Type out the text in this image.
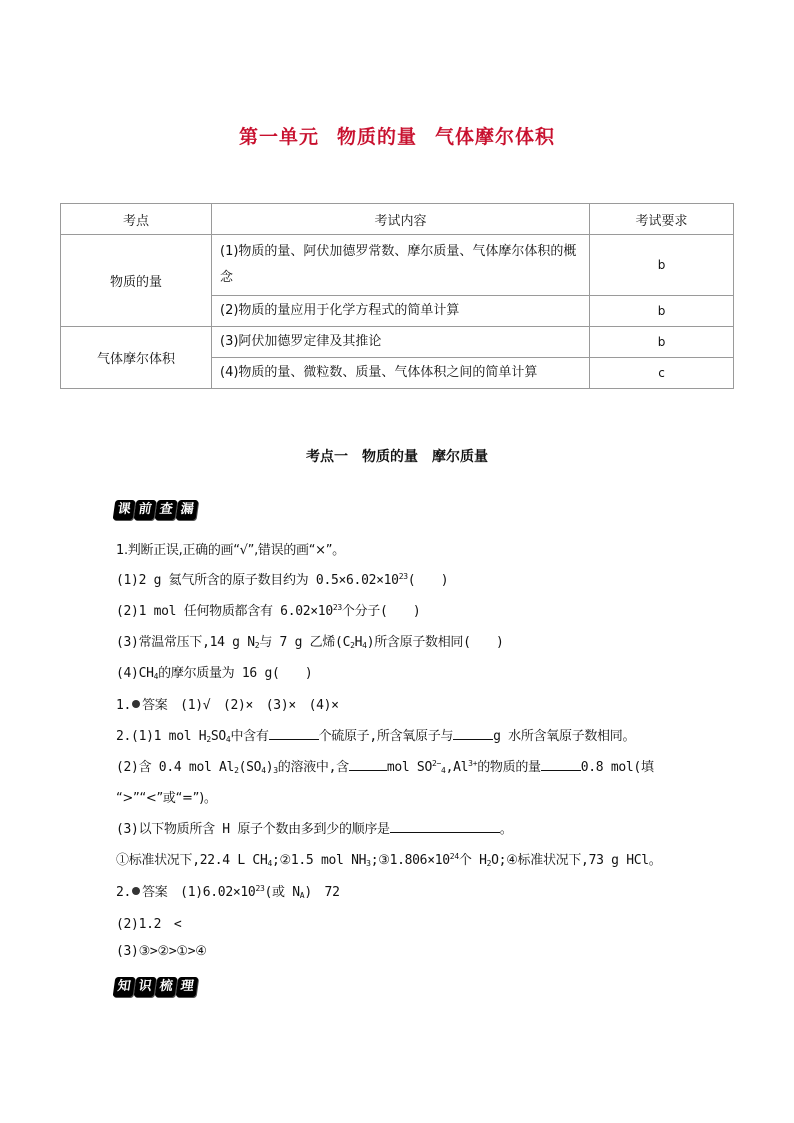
第一单元 物质的量 气体摩尔体积
考点	考试内容	考试要求
物质的量	(1)物质的量、阿伏加德罗常数、摩尔质量、气体摩尔体积的概念	b
	(2)物质的量应用于化学方程式的简单计算	b
气体摩尔体积	(3)阿伏加德罗定律及其推论	b
	(4)物质的量、微粒数、质量、气体体积之间的简单计算	c
考点一　物质的量　摩尔质量
课 前 查 漏
1.判断正误,正确的画“√”,错误的画“×”。
(1)2 g 氦气所含的原子数目约为 $0.5\times 6.02\times 10^{23}$(　　)
(2)1 mol 任何物质都含有 $6.02\times 10^{23}$个分子(　　)
(3)常温常压下,14 g $N_2$与 7 g 乙烯$(C_2H_4)$所含原子数相同(　　)
$(4)CH_4$的摩尔质量为 16 g(　　)
1. 答案　 (1)√　(2)×　(3)×　(4)×
2.(1)1 mol $H_2SO_4$中含有	个硫原子,所含氧原子与	g 水所含氧原子数相同。
(2)含 0.4 mol $Al_2(SO_4)_3$的溶液中,含	mol $SO^{2-}_4,Al^{3+}$的物质的量	0.8 mol(填
“>”“<”或“=”)。
(3)以下物质所含 H 原子个数由多到少的顺序是	。
①标准状况下,22.4 L $CH_4;②1.5$ mol $NH_3;③1.806\times 10^{24}$个 $H_2O;④$标准状况下,73 g HCl。
2. 答案　 $(1)6.02\times 10^{23}$(或 $N_A$)　72
(2)1.2　<
(3)③>②>①>④
知 识 梳 理
